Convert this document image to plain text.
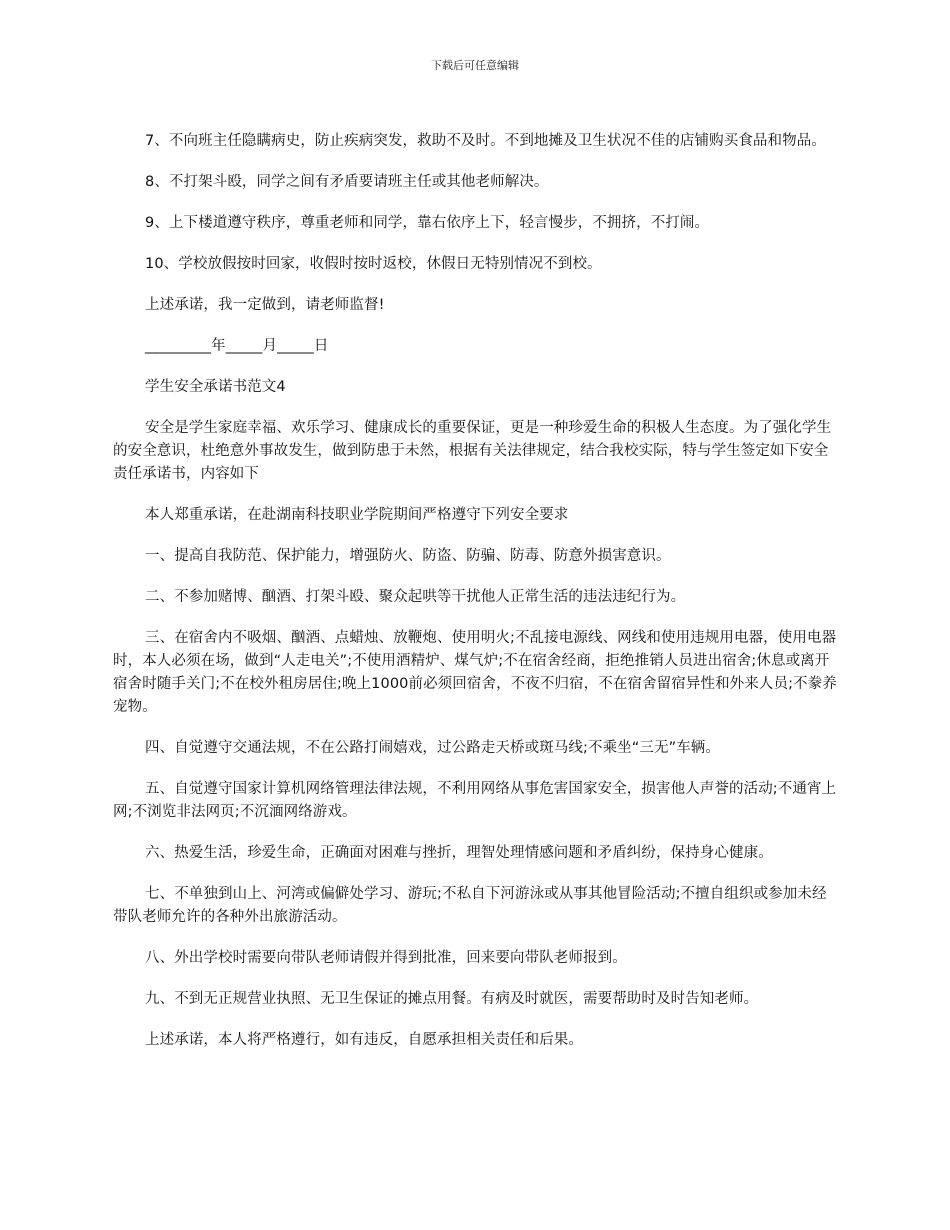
下载后可任意编辑

7、不向班主任隐瞒病史，防止疾病突发，救助不及时。不到地摊及卫生状况不佳的店铺购买食品和物品。

8、不打架斗殴，同学之间有矛盾要请班主任或其他老师解决。

9、上下楼道遵守秩序，尊重老师和同学，靠右依序上下，轻言慢步，不拥挤，不打闹。

10、学校放假按时回家，收假时按时返校，休假日无特别情况不到校。

上述承诺，我一定做到，请老师监督!

_________年_____月_____日

学生安全承诺书范文4

安全是学生家庭幸福、欢乐学习、健康成长的重要保证，更是一种珍爱生命的积极人生态度。为了强化学生的安全意识，杜绝意外事故发生，做到防患于未然，根据有关法律规定，结合我校实际，特与学生签定如下安全责任承诺书，内容如下

本人郑重承诺，在赴湖南科技职业学院期间严格遵守下列安全要求

一、提高自我防范、保护能力，增强防火、防盗、防骗、防毒、防意外损害意识。

二、不参加赌博、酗酒、打架斗殴、聚众起哄等干扰他人正常生活的违法违纪行为。

三、在宿舍内不吸烟、酗酒、点蜡烛、放鞭炮、使用明火;不乱接电源线、网线和使用违规用电器，使用电器时，本人必须在场，做到“人走电关”;不使用酒精炉、煤气炉;不在宿舍经商，拒绝推销人员进出宿舍;休息或离开宿舍时随手关门;不在校外租房居住;晚上1000前必须回宿舍，不夜不归宿，不在宿舍留宿异性和外来人员;不豢养宠物。

四、自觉遵守交通法规，不在公路打闹嬉戏，过公路走天桥或斑马线;不乘坐“三无”车辆。

五、自觉遵守国家计算机网络管理法律法规，不利用网络从事危害国家安全，损害他人声誉的活动;不通宵上网;不浏览非法网页;不沉湎网络游戏。

六、热爱生活，珍爱生命，正确面对困难与挫折，理智处理情感问题和矛盾纠纷，保持身心健康。

七、不单独到山上、河湾或偏僻处学习、游玩;不私自下河游泳或从事其他冒险活动;不擅自组织或参加未经带队老师允许的各种外出旅游活动。

八、外出学校时需要向带队老师请假并得到批准，回来要向带队老师报到。

九、不到无正规营业执照、无卫生保证的摊点用餐。有病及时就医，需要帮助时及时告知老师。

上述承诺，本人将严格遵行，如有违反，自愿承担相关责任和后果。
